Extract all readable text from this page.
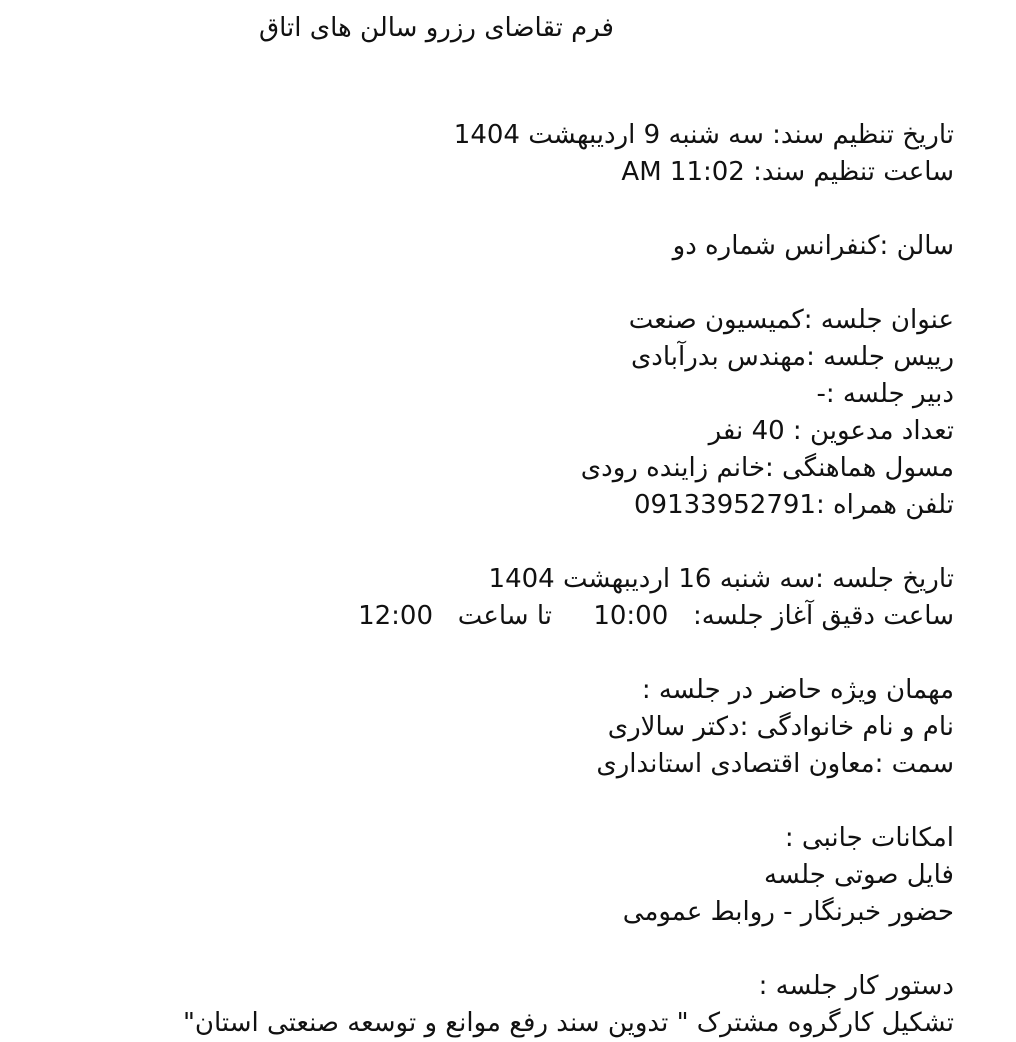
فرم تقاضای رزرو سالن های اتاق
تاریخ تنظیم سند: سه شنبه 9 اردیبهشت 1404
ساعت تنظیم سند: 11:02 AM
سالن :کنفرانس شماره دو
عنوان جلسه :کمیسیون صنعت
رییس جلسه :مهندس بدرآبادی
دبیر جلسه :-
تعداد مدعوین : 40 نفر
مسول هماهنگی :خانم زاینده رودی
تلفن همراه :09133952791
تاریخ جلسه :سه شنبه 16 اردیبهشت 1404
ساعت دقیق آغاز جلسه:   10:00     تا ساعت   12:00
مهمان ویژه حاضر در جلسه :
نام و نام خانوادگی :دکتر سالاری
سمت :معاون اقتصادی استانداری
امکانات جانبی :
فایل صوتی جلسه
حضور خبرنگار - روابط عمومی
دستور کار جلسه :
تشکیل کارگروه مشترک " تدوین سند رفع موانع و توسعه صنعتی استان"
